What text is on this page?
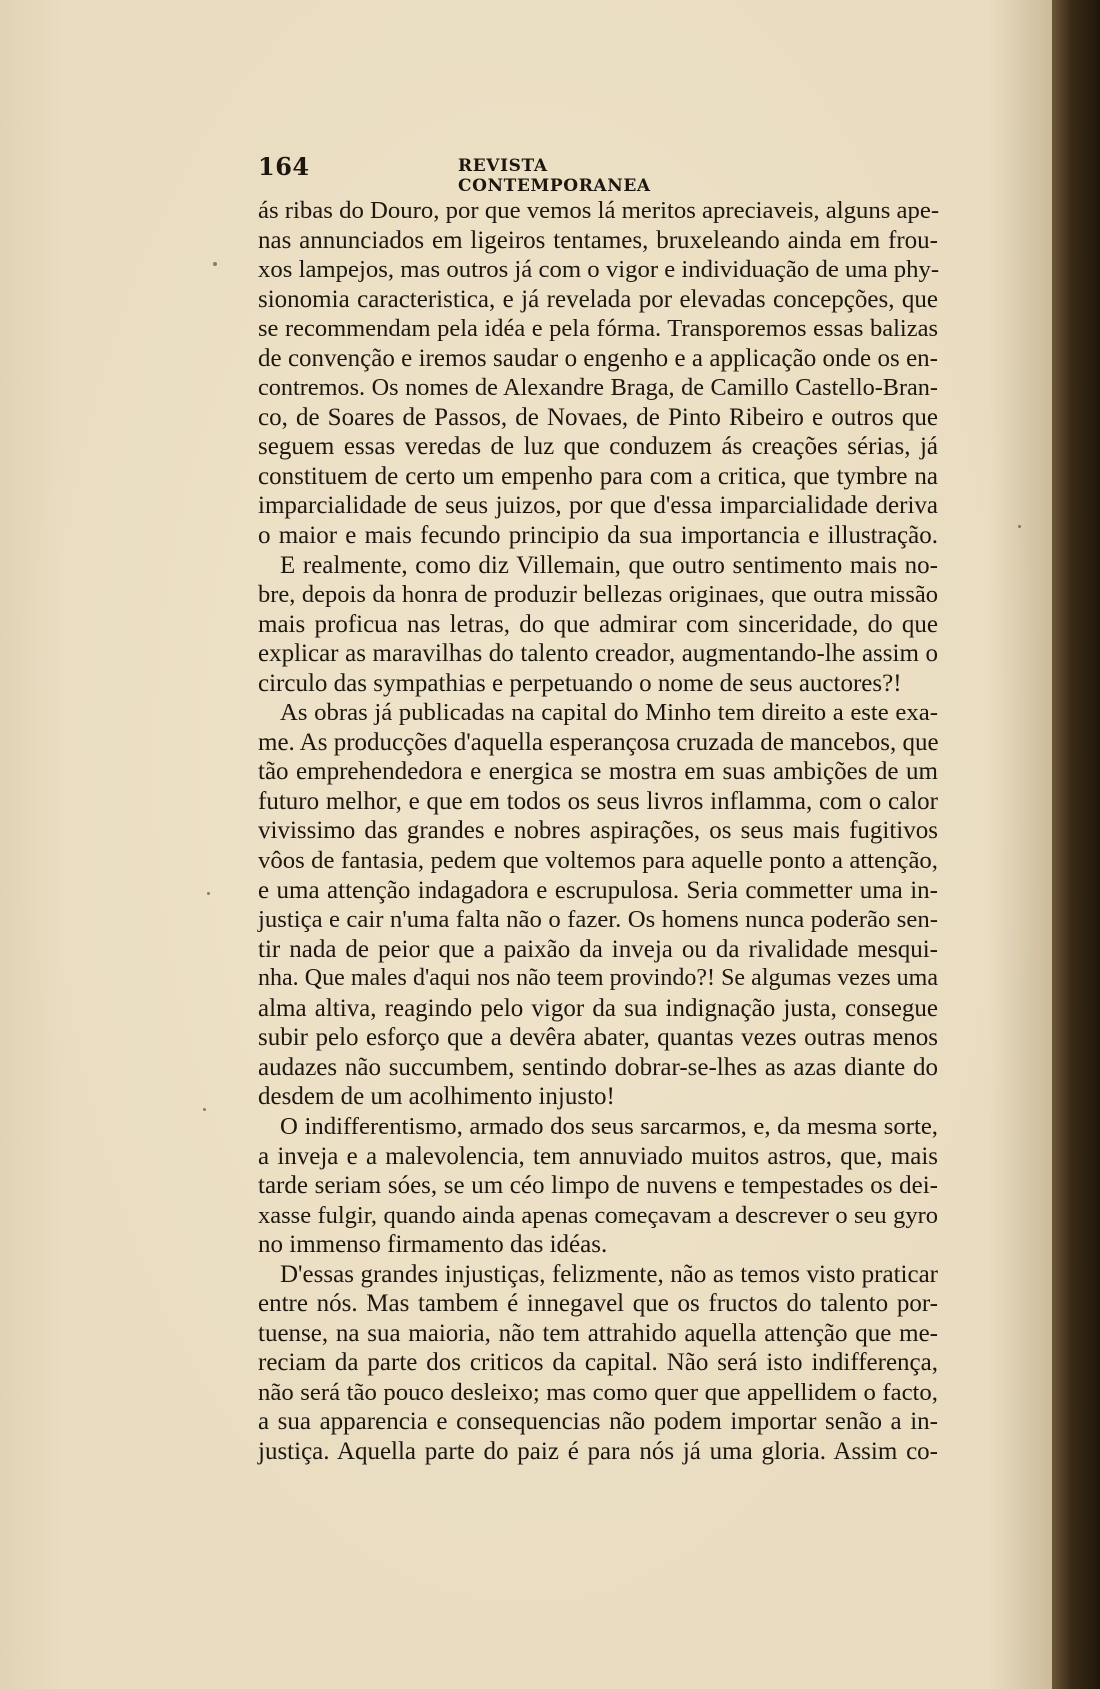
164	REVISTA CONTEMPORANEA
ás ribas do Douro, por que vemos lá meritos apreciaveis, alguns ape-
nas annunciados em ligeiros tentames, bruxeleando ainda em frou-
xos lampejos, mas outros já com o vigor e individuação de uma phy-
sionomia caracteristica, e já revelada por elevadas concepções, que
se recommendam pela idéa e pela fórma. Transporemos essas balizas
de convenção e iremos saudar o engenho e a applicação onde os en-
contremos. Os nomes de Alexandre Braga, de Camillo Castello-Bran-
co, de Soares de Passos, de Novaes, de Pinto Ribeiro e outros que
seguem essas veredas de luz que conduzem ás creações sérias, já
constituem de certo um empenho para com a critica, que tymbre na
imparcialidade de seus juizos, por que d'essa imparcialidade deriva
o maior e mais fecundo principio da sua importancia e illustração.
E realmente, como diz Villemain, que outro sentimento mais no-
bre, depois da honra de produzir bellezas originaes, que outra missão
mais proficua nas letras, do que admirar com sinceridade, do que
explicar as maravilhas do talento creador, augmentando-lhe assim o
circulo das sympathias e perpetuando o nome de seus auctores?!
As obras já publicadas na capital do Minho tem direito a este exa-
me. As producções d'aquella esperançosa cruzada de mancebos, que
tão emprehendedora e energica se mostra em suas ambições de um
futuro melhor, e que em todos os seus livros inflamma, com o calor
vivissimo das grandes e nobres aspirações, os seus mais fugitivos
vôos de fantasia, pedem que voltemos para aquelle ponto a attenção,
e uma attenção indagadora e escrupulosa. Seria commetter uma in-
justiça e cair n'uma falta não o fazer. Os homens nunca poderão sen-
tir nada de peior que a paixão da inveja ou da rivalidade mesqui-
nha. Que males d'aqui nos não teem provindo?! Se algumas vezes uma
alma altiva, reagindo pelo vigor da sua indignação justa, consegue
subir pelo esforço que a devêra abater, quantas vezes outras menos
audazes não succumbem, sentindo dobrar-se-lhes as azas diante do
desdem de um acolhimento injusto!
O indifferentismo, armado dos seus sarcarmos, e, da mesma sorte,
a inveja e a malevolencia, tem annuviado muitos astros, que, mais
tarde seriam sóes, se um céo limpo de nuvens e tempestades os dei-
xasse fulgir, quando ainda apenas começavam a descrever o seu gyro
no immenso firmamento das idéas.
D'essas grandes injustiças, felizmente, não as temos visto praticar
entre nós. Mas tambem é innegavel que os fructos do talento por-
tuense, na sua maioria, não tem attrahido aquella attenção que me-
reciam da parte dos criticos da capital. Não será isto indifferença,
não será tão pouco desleixo; mas como quer que appellidem o facto,
a sua apparencia e consequencias não podem importar senão a in-
justiça. Aquella parte do paiz é para nós já uma gloria. Assim co-
